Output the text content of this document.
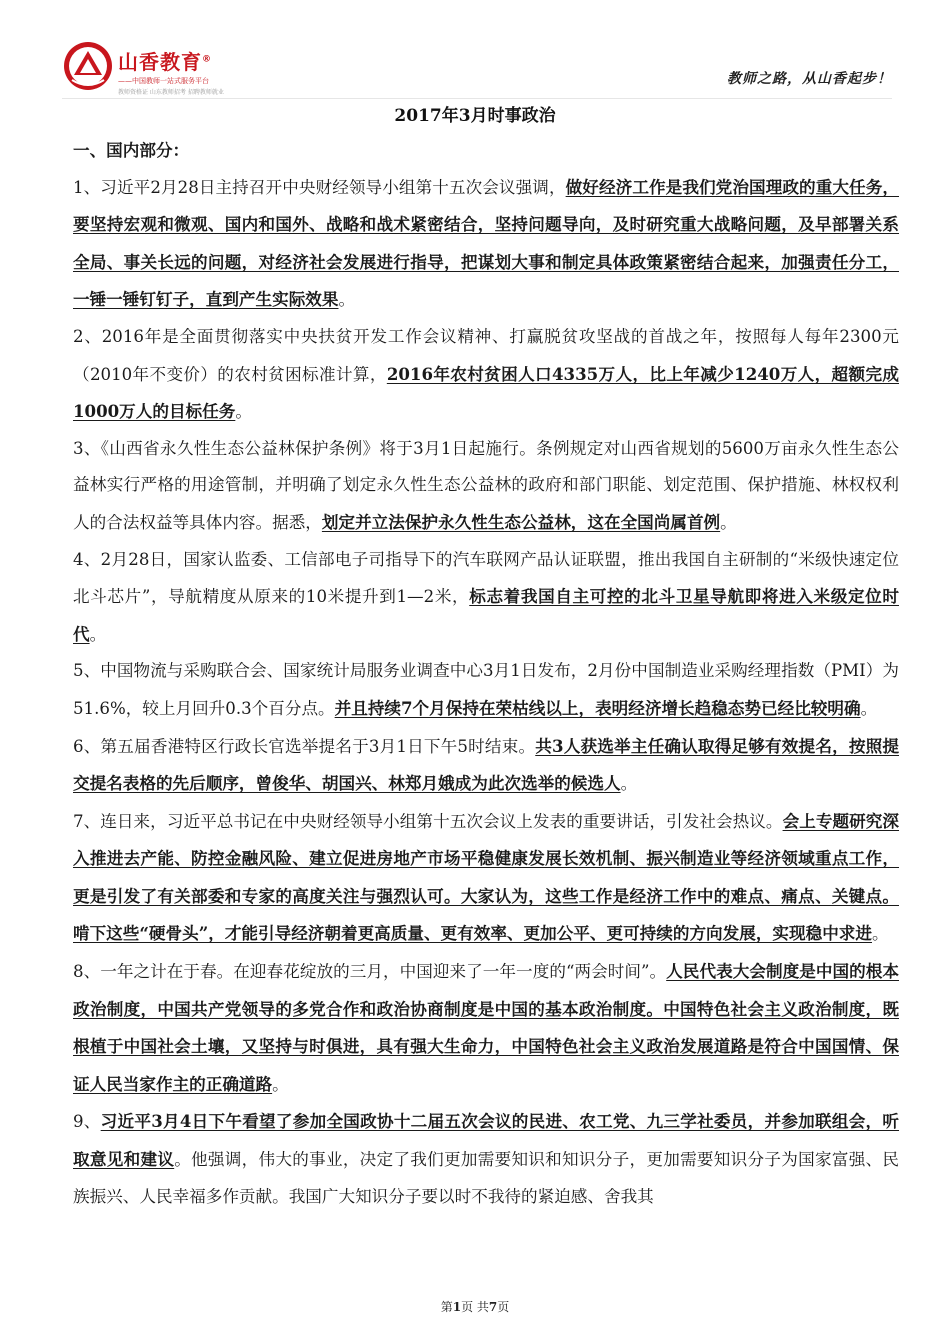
山香教育®
——中国教师一站式服务平台
教师资格证 山东教师招考 招聘教师就业
教师之路，从山香起步！
2017年3月时事政治

一、国内部分：

1、习近平2月28日主持召开中央财经领导小组第十五次会议强调，做好经济工作是我们党治国理政的重大任务，要坚持宏观和微观、国内和国外、战略和战术紧密结合，坚持问题导向，及时研究重大战略问题，及早部署关系全局、事关长远的问题，对经济社会发展进行指导，把谋划大事和制定具体政策紧密结合起来，加强责任分工，一锤一锤钉钉子，直到产生实际效果。

2、2016年是全面贯彻落实中央扶贫开发工作会议精神、打赢脱贫攻坚战的首战之年，按照每人每年2300元（2010年不变价）的农村贫困标准计算，2016年农村贫困人口4335万人，比上年减少1240万人，超额完成1000万人的目标任务。

3、《山西省永久性生态公益林保护条例》将于3月1日起施行。条例规定对山西省规划的5600万亩永久性生态公益林实行严格的用途管制，并明确了划定永久性生态公益林的政府和部门职能、划定范围、保护措施、林权权利人的合法权益等具体内容。据悉，划定并立法保护永久性生态公益林，这在全国尚属首例。

4、2月28日，国家认监委、工信部电子司指导下的汽车联网产品认证联盟，推出我国自主研制的“米级快速定位北斗芯片”，导航精度从原来的10米提升到1—2米，标志着我国自主可控的北斗卫星导航即将进入米级定位时代。

5、中国物流与采购联合会、国家统计局服务业调查中心3月1日发布，2月份中国制造业采购经理指数（PMI）为51.6%，较上月回升0.3个百分点。并且持续7个月保持在荣枯线以上，表明经济增长趋稳态势已经比较明确。

6、第五届香港特区行政长官选举提名于3月1日下午5时结束。共3人获选举主任确认取得足够有效提名，按照提交提名表格的先后顺序，曾俊华、胡国兴、林郑月娥成为此次选举的候选人。

7、连日来，习近平总书记在中央财经领导小组第十五次会议上发表的重要讲话，引发社会热议。会上专题研究深入推进去产能、防控金融风险、建立促进房地产市场平稳健康发展长效机制、振兴制造业等经济领域重点工作，更是引发了有关部委和专家的高度关注与强烈认可。大家认为，这些工作是经济工作中的难点、痛点、关键点。啃下这些“硬骨头”，才能引导经济朝着更高质量、更有效率、更加公平、更可持续的方向发展，实现稳中求进。

8、一年之计在于春。在迎春花绽放的三月，中国迎来了一年一度的“两会时间”。人民代表大会制度是中国的根本政治制度，中国共产党领导的多党合作和政治协商制度是中国的基本政治制度。中国特色社会主义政治制度，既根植于中国社会土壤，又坚持与时俱进，具有强大生命力，中国特色社会主义政治发展道路是符合中国国情、保证人民当家作主的正确道路。

9、习近平3月4日下午看望了参加全国政协十二届五次会议的民进、农工党、九三学社委员，并参加联组会，听取意见和建议。他强调，伟大的事业，决定了我们更加需要知识和知识分子，更加需要知识分子为国家富强、民族振兴、人民幸福多作贡献。我国广大知识分子要以时不我待的紧迫感、舍我其

第1页 共7页
